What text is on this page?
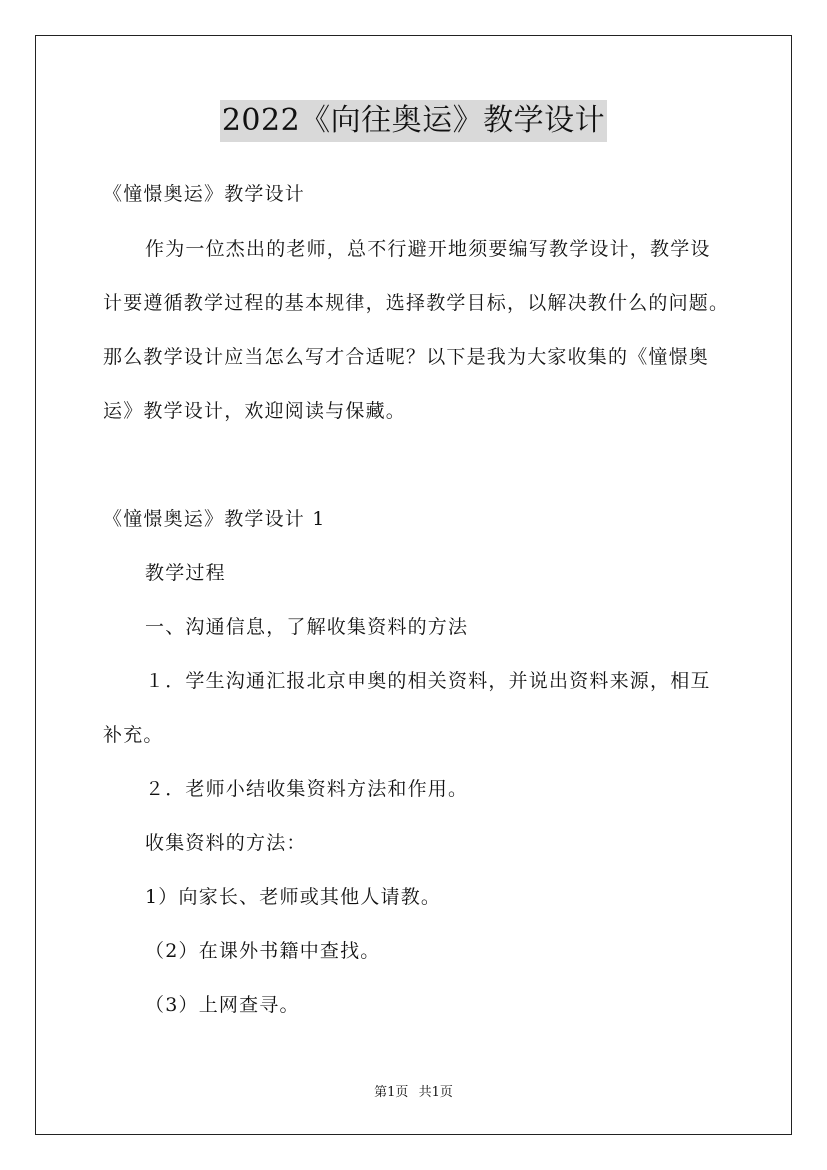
2022《向往奥运》教学设计
《憧憬奥运》教学设计
作为一位杰出的老师，总不行避开地须要编写教学设计，教学设
计要遵循教学过程的基本规律，选择教学目标，以解决教什么的问题。
那么教学设计应当怎么写才合适呢？以下是我为大家收集的《憧憬奥
运》教学设计，欢迎阅读与保藏。
《憧憬奥运》教学设计 1
教学过程
一、沟通信息，了解收集资料的方法
１．学生沟通汇报北京申奥的相关资料，并说出资料来源，相互
补充。
２．老师小结收集资料方法和作用。
收集资料的方法：
1）向家长、老师或其他人请教。
（2）在课外书籍中查找。
（3）上网查寻。
第1页 共1页
